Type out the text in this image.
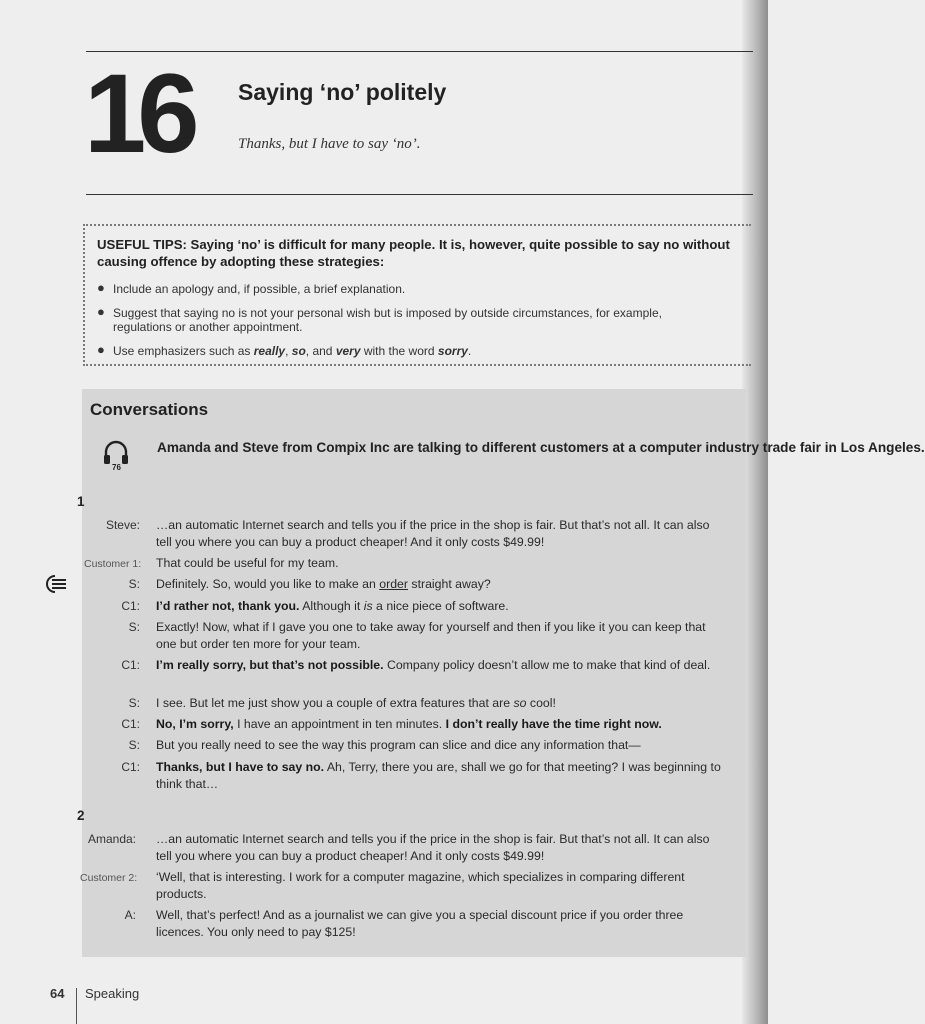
16 Saying ‘no’ politely
Thanks, but I have to say ‘no’.
USEFUL TIPS: Saying ‘no’ is difficult for many people. It is, however, quite possible to say no without causing offence by adopting these strategies:
● Include an apology and, if possible, a brief explanation.
● Suggest that saying no is not your personal wish but is imposed by outside circumstances, for example, regulations or another appointment.
● Use emphasizers such as really, so, and very with the word sorry.
Conversations
76
Amanda and Steve from Compix Inc are talking to different customers at a computer industry trade fair in Los Angeles.
1
Steve: …an automatic Internet search and tells you if the price in the shop is fair. But that’s not all. It can also tell you where you can buy a product cheaper! And it only costs $49.99!
Customer 1: That could be useful for my team.
S: Definitely. So, would you like to make an order straight away?
C1: I’d rather not, thank you. Although it is a nice piece of software.
S: Exactly! Now, what if I gave you one to take away for yourself and then if you like it you can keep that one but order ten more for your team.
C1: I’m really sorry, but that’s not possible. Company policy doesn’t allow me to make that kind of deal.
S: I see. But let me just show you a couple of extra features that are so cool!
C1: No, I’m sorry, I have an appointment in ten minutes. I don’t really have the time right now.
S: But you really need to see the way this program can slice and dice any information that—
C1: Thanks, but I have to say no. Ah, Terry, there you are, shall we go for that meeting? I was beginning to think that…
2
Amanda: …an automatic Internet search and tells you if the price in the shop is fair. But that’s not all. It can also tell you where you can buy a product cheaper! And it only costs $49.99!
Customer 2: ‘Well, that is interesting. I work for a computer magazine, which specializes in comparing different products.
A: Well, that’s perfect! And as a journalist we can give you a special discount price if you order three licences. You only need to pay $125!
64 Speaking
